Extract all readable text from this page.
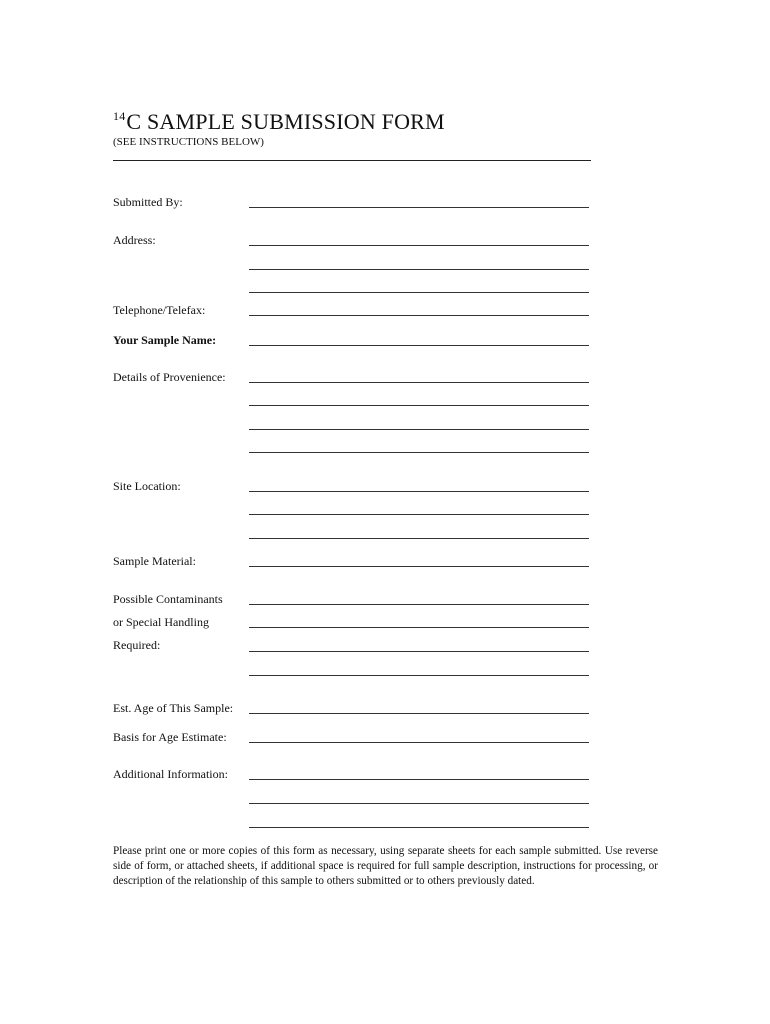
$^{14}$C SAMPLE SUBMISSION FORM
(SEE INSTRUCTIONS BELOW)
Submitted By:
Address:
Telephone/Telefax:
Your Sample Name:
Details of Provenience:
Site Location:
Sample Material:
Possible Contaminants
or Special Handling
Required:
Est. Age of This Sample:
Basis for Age Estimate:
Additional Information:
Please print one or more copies of this form as necessary, using separate sheets for each sample submitted. Use reverse side of form, or attached sheets, if additional space is required for full sample description, instructions for processing, or description of the relationship of this sample to others submitted or to others previously dated.
